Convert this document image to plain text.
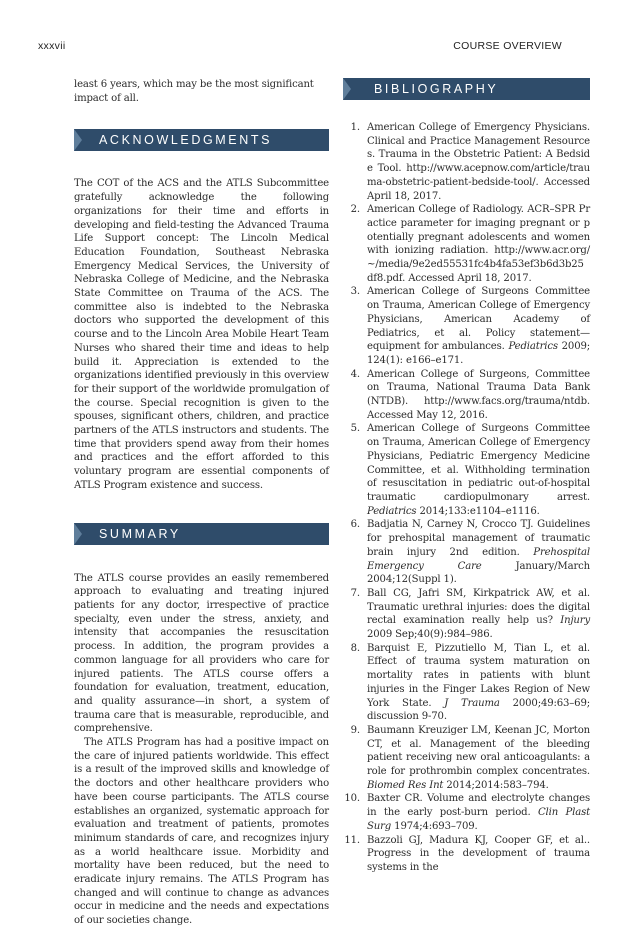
xxxvii	COURSE OVERVIEW

least 6 years, which may be the most significant impact of all.

ACKNOWLEDGMENTS

The COT of the ACS and the ATLS Subcommittee gratefully acknowledge the following organizations for their time and efforts in developing and field-testing the Advanced Trauma Life Support concept: The Lincoln Medical Education Foundation, Southeast Nebraska Emergency Medical Services, the University of Nebraska College of Medicine, and the Nebraska State Committee on Trauma of the ACS. The committee also is indebted to the Nebraska doctors who supported the development of this course and to the Lincoln Area Mobile Heart Team Nurses who shared their time and ideas to help build it. Appreciation is extended to the organizations identified previously in this overview for their support of the worldwide promulgation of the course. Special recognition is given to the spouses, significant others, children, and practice partners of the ATLS instructors and students. The time that providers spend away from their homes and practices and the effort afforded to this voluntary program are essential components of ATLS Program existence and success.

SUMMARY

The ATLS course provides an easily remembered approach to evaluating and treating injured patients for any doctor, irrespective of practice specialty, even under the stress, anxiety, and intensity that accompanies the resuscitation process. In addition, the program provides a common language for all providers who care for injured patients. The ATLS course offers a foundation for evaluation, treatment, education, and quality assurance—in short, a system of trauma care that is measurable, reproducible, and comprehensive.

The ATLS Program has had a positive impact on the care of injured patients worldwide. This effect is a result of the improved skills and knowledge of the doctors and other healthcare providers who have been course participants. The ATLS course establishes an organized, systematic approach for evaluation and treatment of patients, promotes minimum standards of care, and recognizes injury as a world healthcare issue. Morbidity and mortality have been reduced, but the need to eradicate injury remains. The ATLS Program has changed and will continue to change as advances occur in medicine and the needs and expectations of our societies change.

BIBLIOGRAPHY
1. American College of Emergency Physicians. Clinical and Practice Management Resources. Trauma in the Obstetric Patient: A Bedside Tool. http://www.acepnow.com/article/trauma-obstetric-patient-bedside-tool/. Accessed April 18, 2017.
2. American College of Radiology. ACR–SPR Practice parameter for imaging pregnant or potentially pregnant adolescents and women with ionizing radiation. http://www.acr.org/~/media/9e2ed55531fc4b4fa53ef3b6d3b25df8.pdf. Accessed April 18, 2017.
3. American College of Surgeons Committee on Trauma, American College of Emergency Physicians, American Academy of Pediatrics, et al. Policy statement—equipment for ambulances. Pediatrics 2009; 124(1): e166–e171.
4. American College of Surgeons, Committee on Trauma, National Trauma Data Bank (NTDB). http://www.facs.org/trauma/ntdb. Accessed May 12, 2016.
5. American College of Surgeons Committee on Trauma, American College of Emergency Physicians, Pediatric Emergency Medicine Committee, et al. Withholding termination of resuscitation in pediatric out-of-hospital traumatic cardiopulmonary arrest. Pediatrics 2014;133:e1104–e1116.
6. Badjatia N, Carney N, Crocco TJ. Guidelines for prehospital management of traumatic brain injury 2nd edition. Prehospital Emergency Care January/March 2004;12(Suppl 1).
7. Ball CG, Jafri SM, Kirkpatrick AW, et al. Traumatic urethral injuries: does the digital rectal examination really help us? Injury 2009 Sep;40(9):984–986.
8. Barquist E, Pizzutiello M, Tian L, et al. Effect of trauma system maturation on mortality rates in patients with blunt injuries in the Finger Lakes Region of New York State. J Trauma 2000;49:63–69; discussion 9-70.
9. Baumann Kreuziger LM, Keenan JC, Morton CT, et al. Management of the bleeding patient receiving new oral anticoagulants: a role for prothrombin complex concentrates. Biomed Res Int 2014;2014:583–794.
10. Baxter CR. Volume and electrolyte changes in the early post-burn period. Clin Plast Surg 1974;4:693–709.
11. Bazzoli GJ, Madura KJ, Cooper GF, et al.. Progress in the development of trauma systems in the
